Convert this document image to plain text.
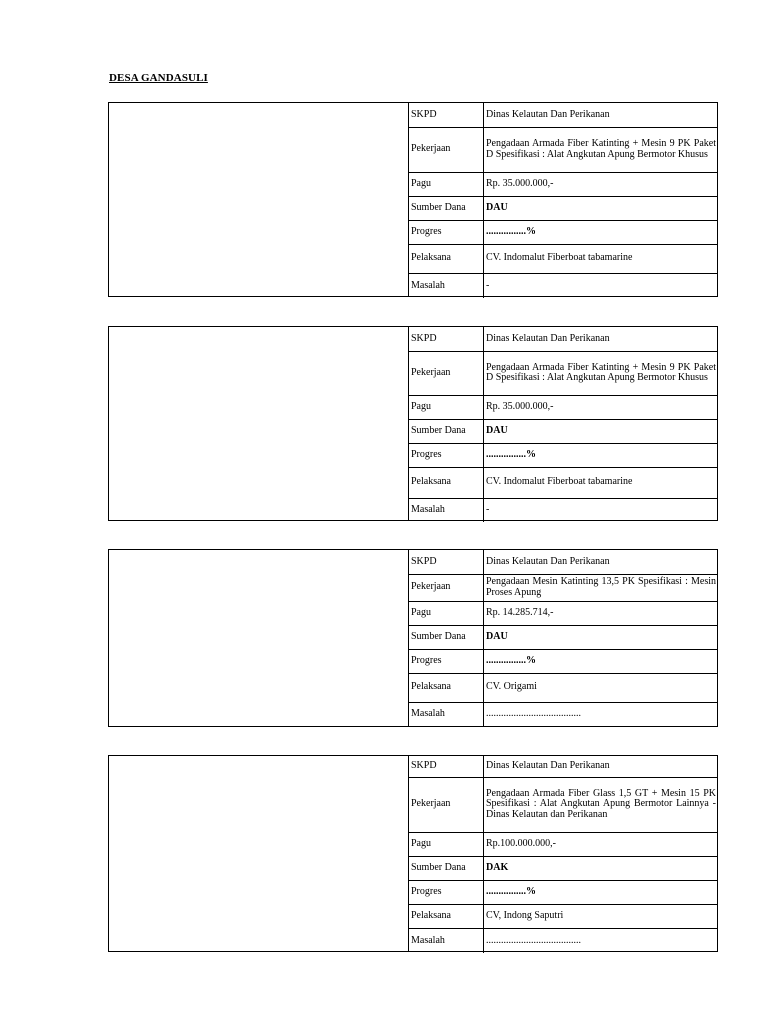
DESA GANDASULI
SKPD	Dinas Kelautan Dan Perikanan
Pekerjaan	Pengadaan Armada Fiber Katinting + Mesin 9 PK Paket D Spesifikasi : Alat Angkutan Apung Bermotor Khusus
Pagu	Rp. 35.000.000,-
Sumber Dana	DAU
Progres	................%
Pelaksana	CV. Indomalut Fiberboat tabamarine
Masalah	-
SKPD	Dinas Kelautan Dan Perikanan
Pekerjaan	Pengadaan Armada Fiber Katinting + Mesin 9 PK Paket D Spesifikasi : Alat Angkutan Apung Bermotor Khusus
Pagu	Rp. 35.000.000,-
Sumber Dana	DAU
Progres	................%
Pelaksana	CV. Indomalut Fiberboat tabamarine
Masalah	-
SKPD	Dinas Kelautan Dan Perikanan
Pekerjaan	Pengadaan Mesin Katinting 13,5 PK Spesifikasi : Mesin Proses Apung
Pagu	Rp. 14.285.714,-
Sumber Dana	DAU
Progres	................%
Pelaksana	CV. Origami
Masalah	......................................
SKPD	Dinas Kelautan Dan Perikanan
Pekerjaan	Pengadaan Armada Fiber Glass 1,5 GT + Mesin 15 PK Spesifikasi : Alat Angkutan Apung Bermotor Lainnya - Dinas Kelautan dan Perikanan
Pagu	Rp.100.000.000,-
Sumber Dana	DAK
Progres	................%
Pelaksana	CV, Indong Saputri
Masalah	......................................
